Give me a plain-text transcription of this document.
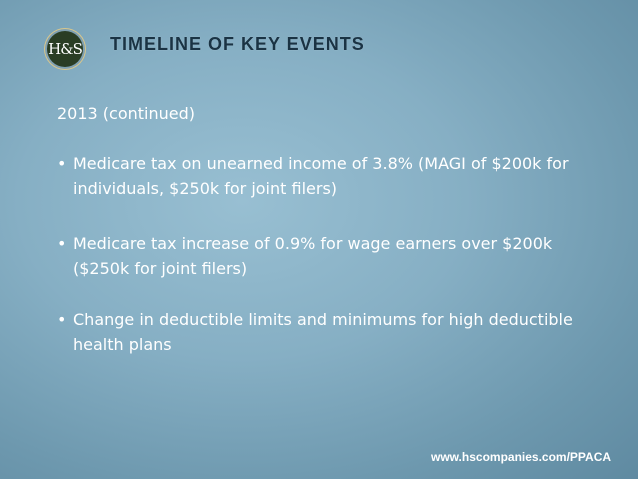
H&S TIMELINE OF KEY EVENTS
2013 (continued)
• Medicare tax on unearned income of 3.8% (MAGI of $200k for individuals, $250k for joint filers)
• Medicare tax increase of 0.9% for wage earners over $200k ($250k for joint filers)
• Change in deductible limits and minimums for high deductible health plans
www.hscompanies.com/PPACA
